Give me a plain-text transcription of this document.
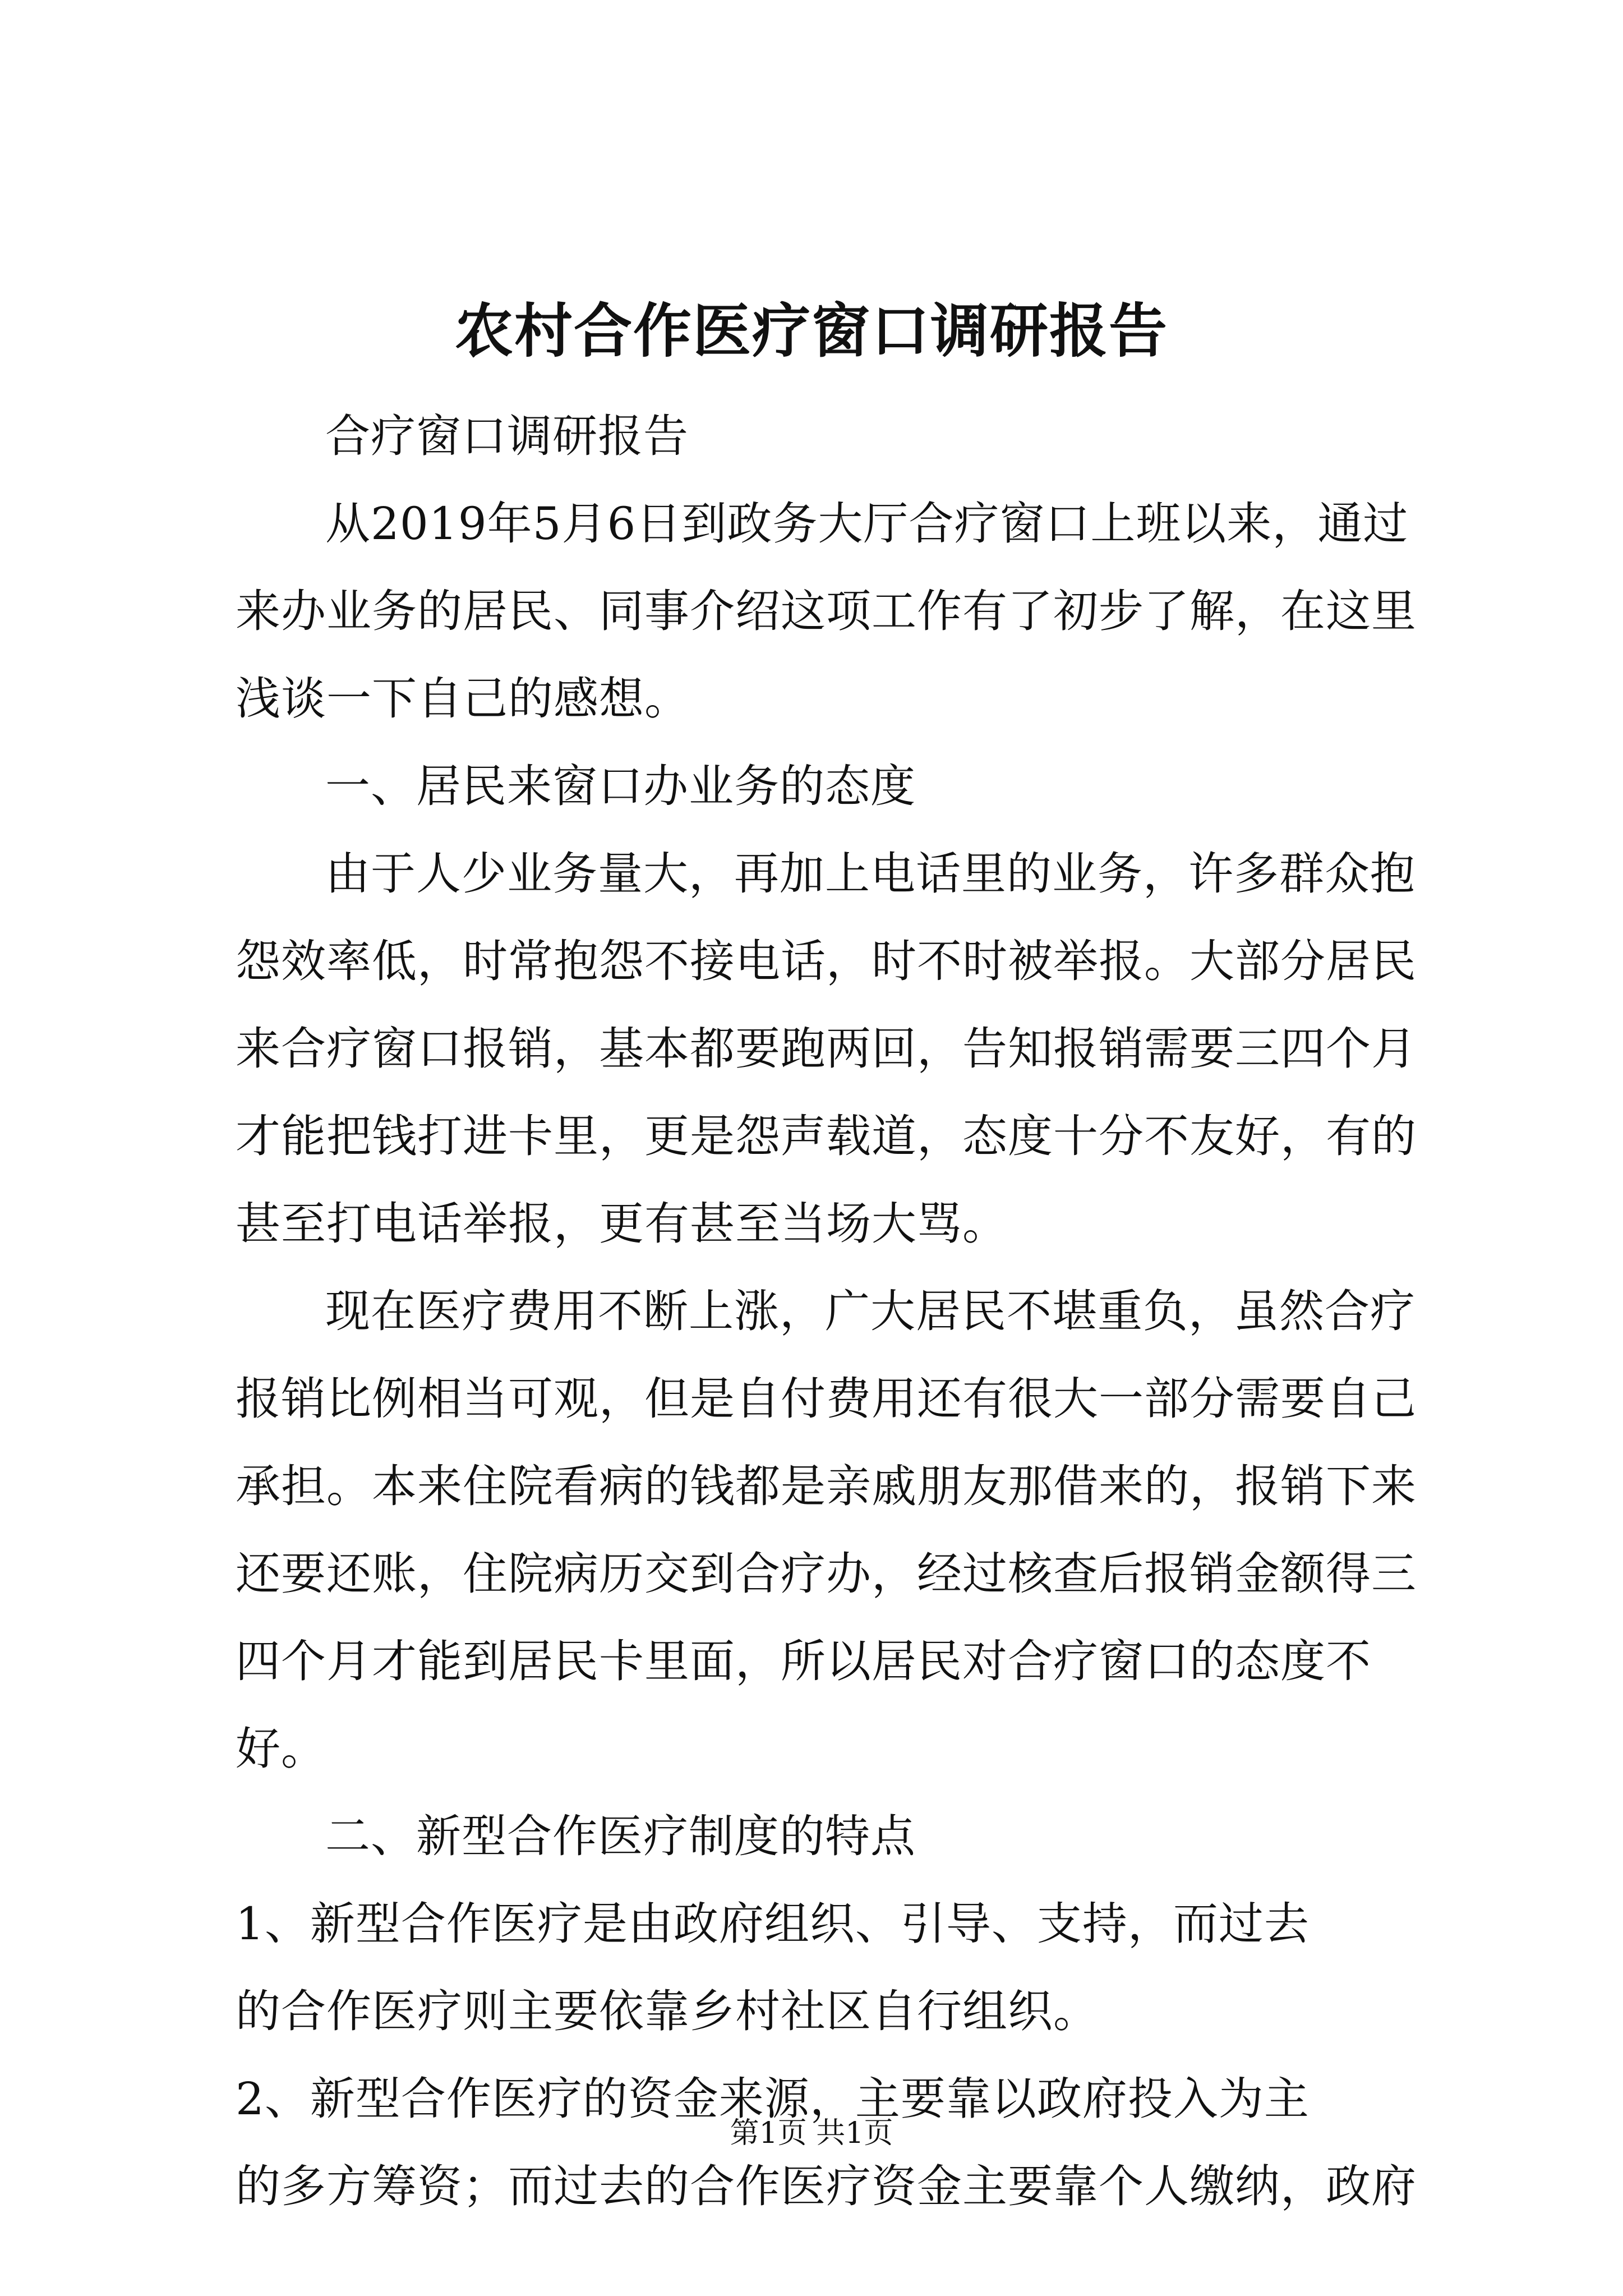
农村合作医疗窗口调研报告

合疗窗口调研报告

从2019年5月6日到政务大厅合疗窗口上班以来，通过来办业务的居民、同事介绍这项工作有了初步了解，在这里浅谈一下自己的感想。

一、居民来窗口办业务的态度

由于人少业务量大，再加上电话里的业务，许多群众抱怨效率低，时常抱怨不接电话，时不时被举报。大部分居民来合疗窗口报销，基本都要跑两回，告知报销需要三四个月才能把钱打进卡里，更是怨声载道，态度十分不友好，有的甚至打电话举报，更有甚至当场大骂。

现在医疗费用不断上涨，广大居民不堪重负，虽然合疗报销比例相当可观，但是自付费用还有很大一部分需要自己承担。本来住院看病的钱都是亲戚朋友那借来的，报销下来还要还账，住院病历交到合疗办，经过核查后报销金额得三四个月才能到居民卡里面，所以居民对合疗窗口的态度不好。

二、新型合作医疗制度的特点

1、新型合作医疗是由政府组织、引导、支持，而过去

的合作医疗则主要依靠乡村社区自行组织。

2、新型合作医疗的资金来源，主要靠以政府投入为主

的多方筹资；而过去的合作医疗资金主要靠个人缴纳，政府

第1页 共1页
